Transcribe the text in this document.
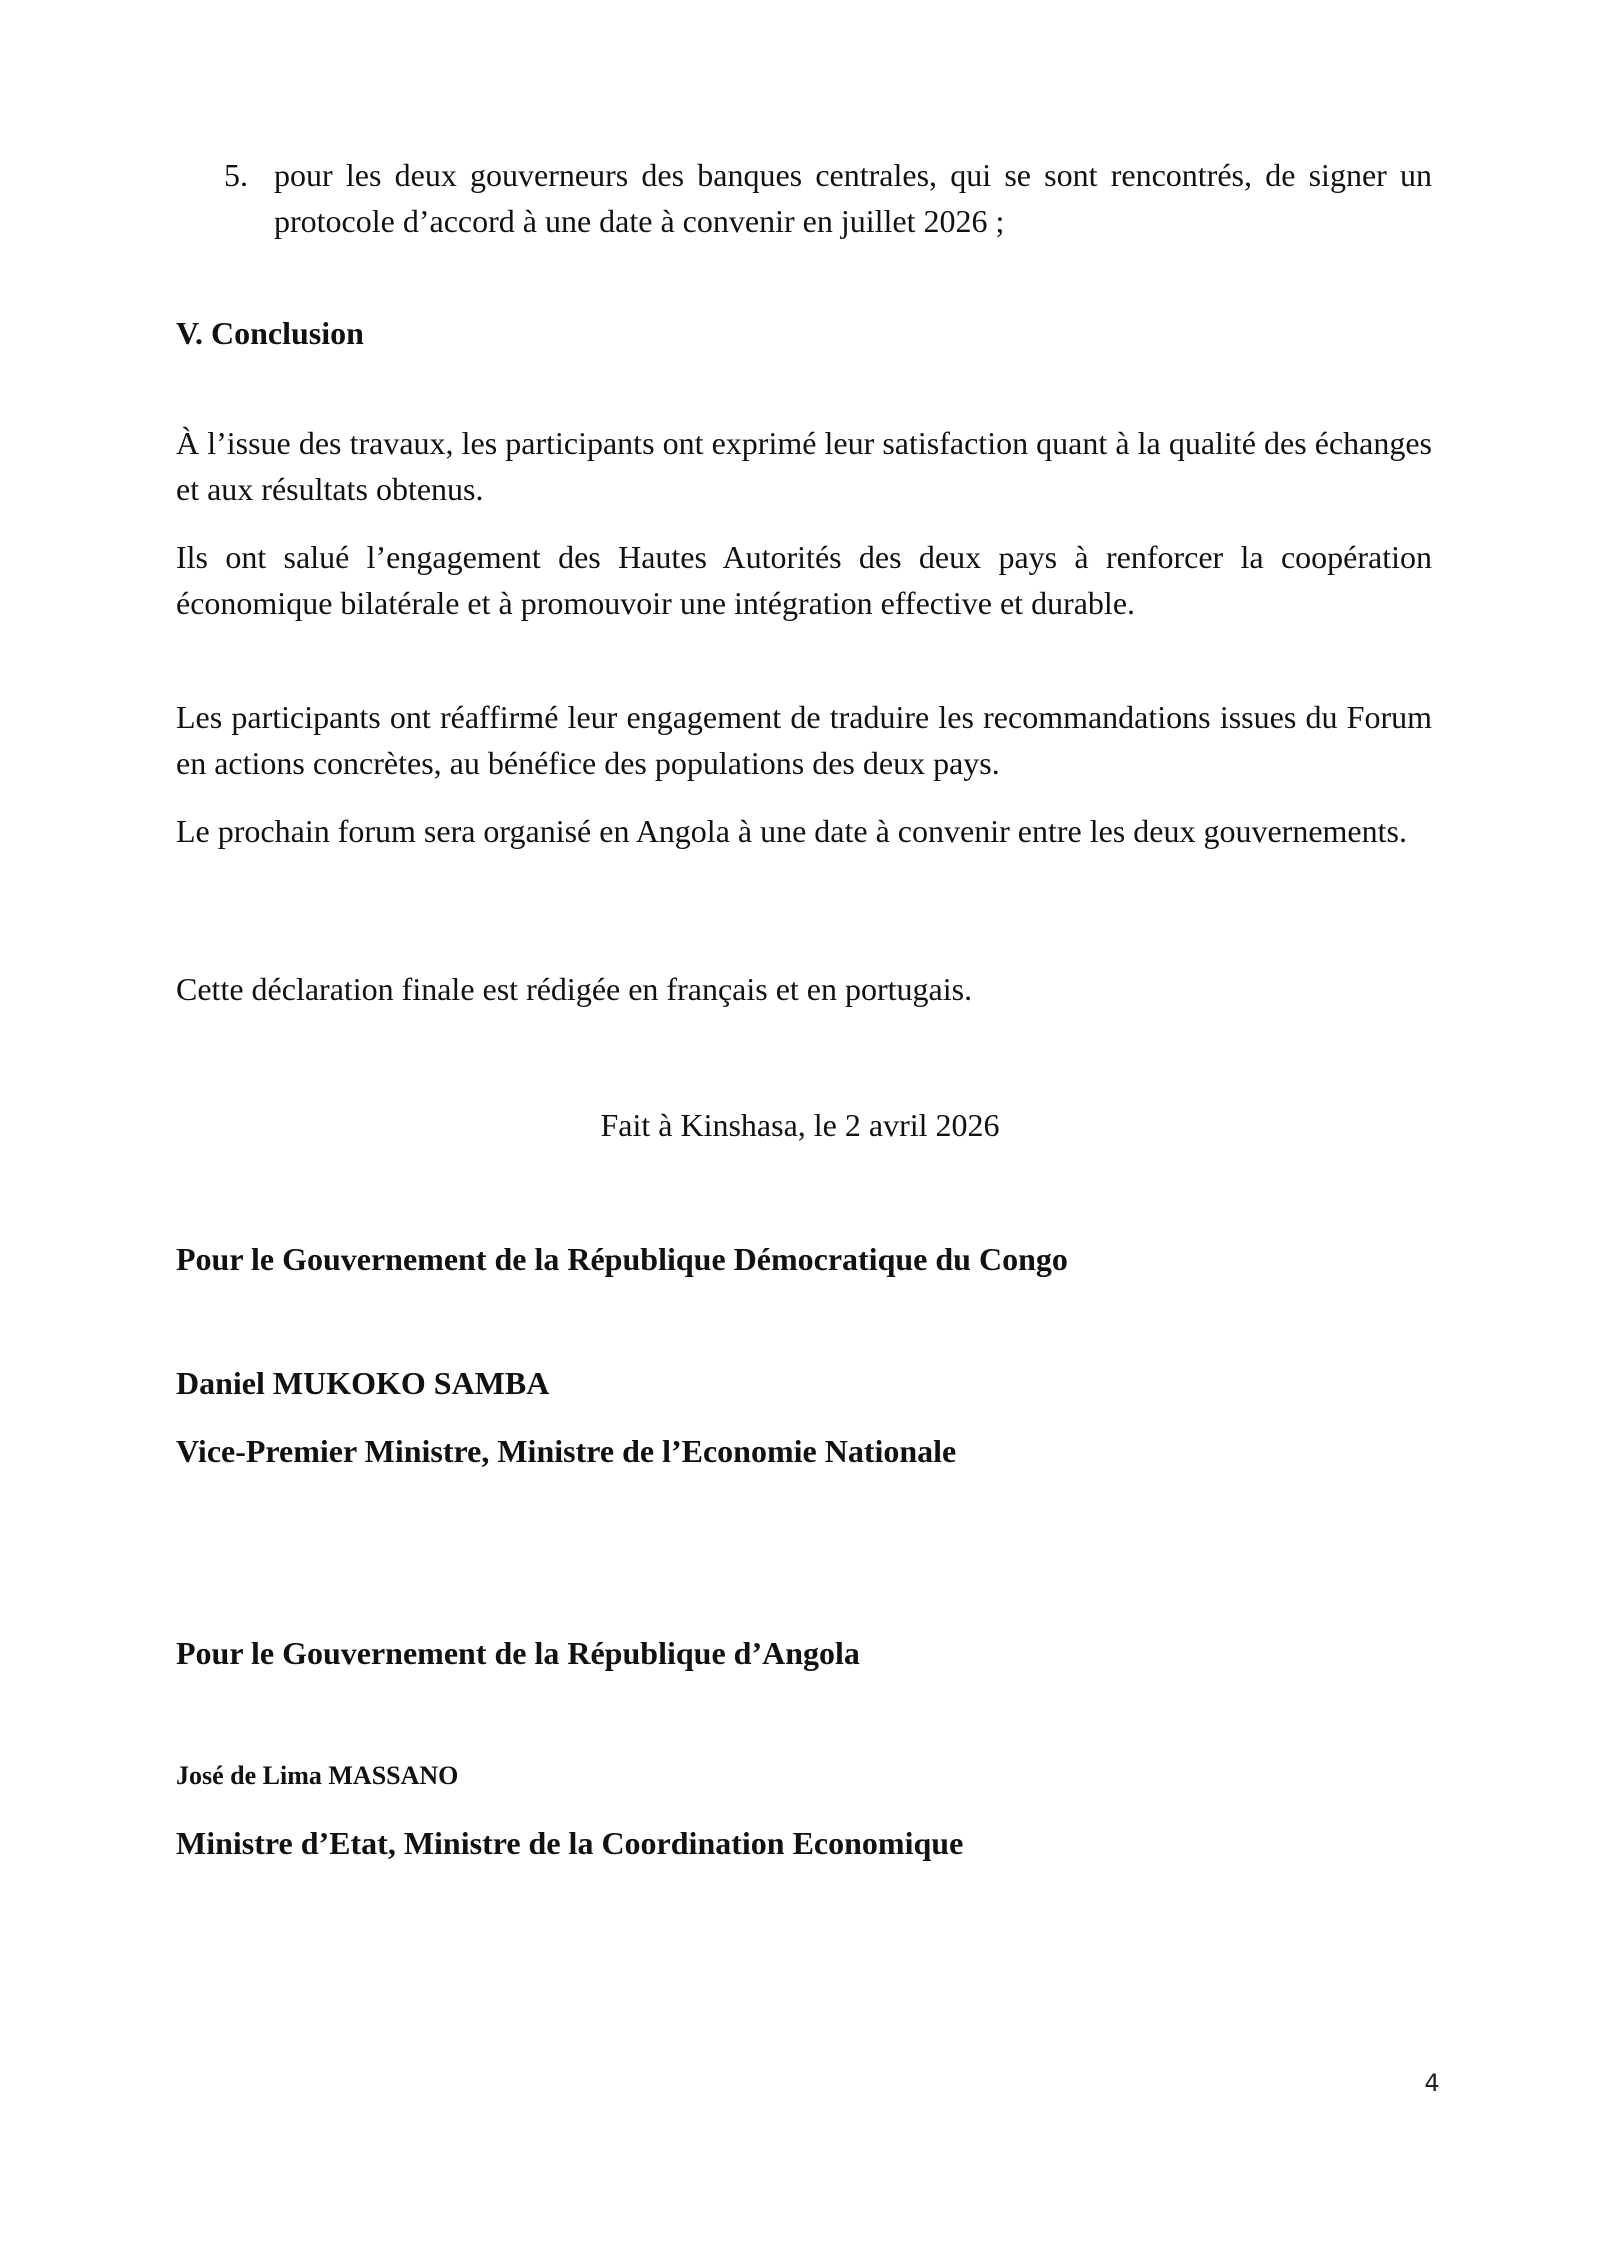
5. pour les deux gouverneurs des banques centrales, qui se sont rencontrés, de signer un protocole d’accord à une date à convenir en juillet 2026 ;
V. Conclusion

À l’issue des travaux, les participants ont exprimé leur satisfaction quant à la qualité des échanges et aux résultats obtenus.

Ils ont salué l’engagement des Hautes Autorités des deux pays à renforcer la coopération économique bilatérale et à promouvoir une intégration effective et durable.

Les participants ont réaffirmé leur engagement de traduire les recommandations issues du Forum en actions concrètes, au bénéfice des populations des deux pays.

Le prochain forum sera organisé en Angola à une date à convenir entre les deux gouvernements.

Cette déclaration finale est rédigée en français et en portugais.

Fait à Kinshasa, le 2 avril 2026
Pour le Gouvernement de la République Démocratique du Congo
Daniel MUKOKO SAMBA
Vice-Premier Ministre, Ministre de l’Economie Nationale
Pour le Gouvernement de la République d’Angola
José de Lima MASSANO
Ministre d’Etat, Ministre de la Coordination Economique
4
